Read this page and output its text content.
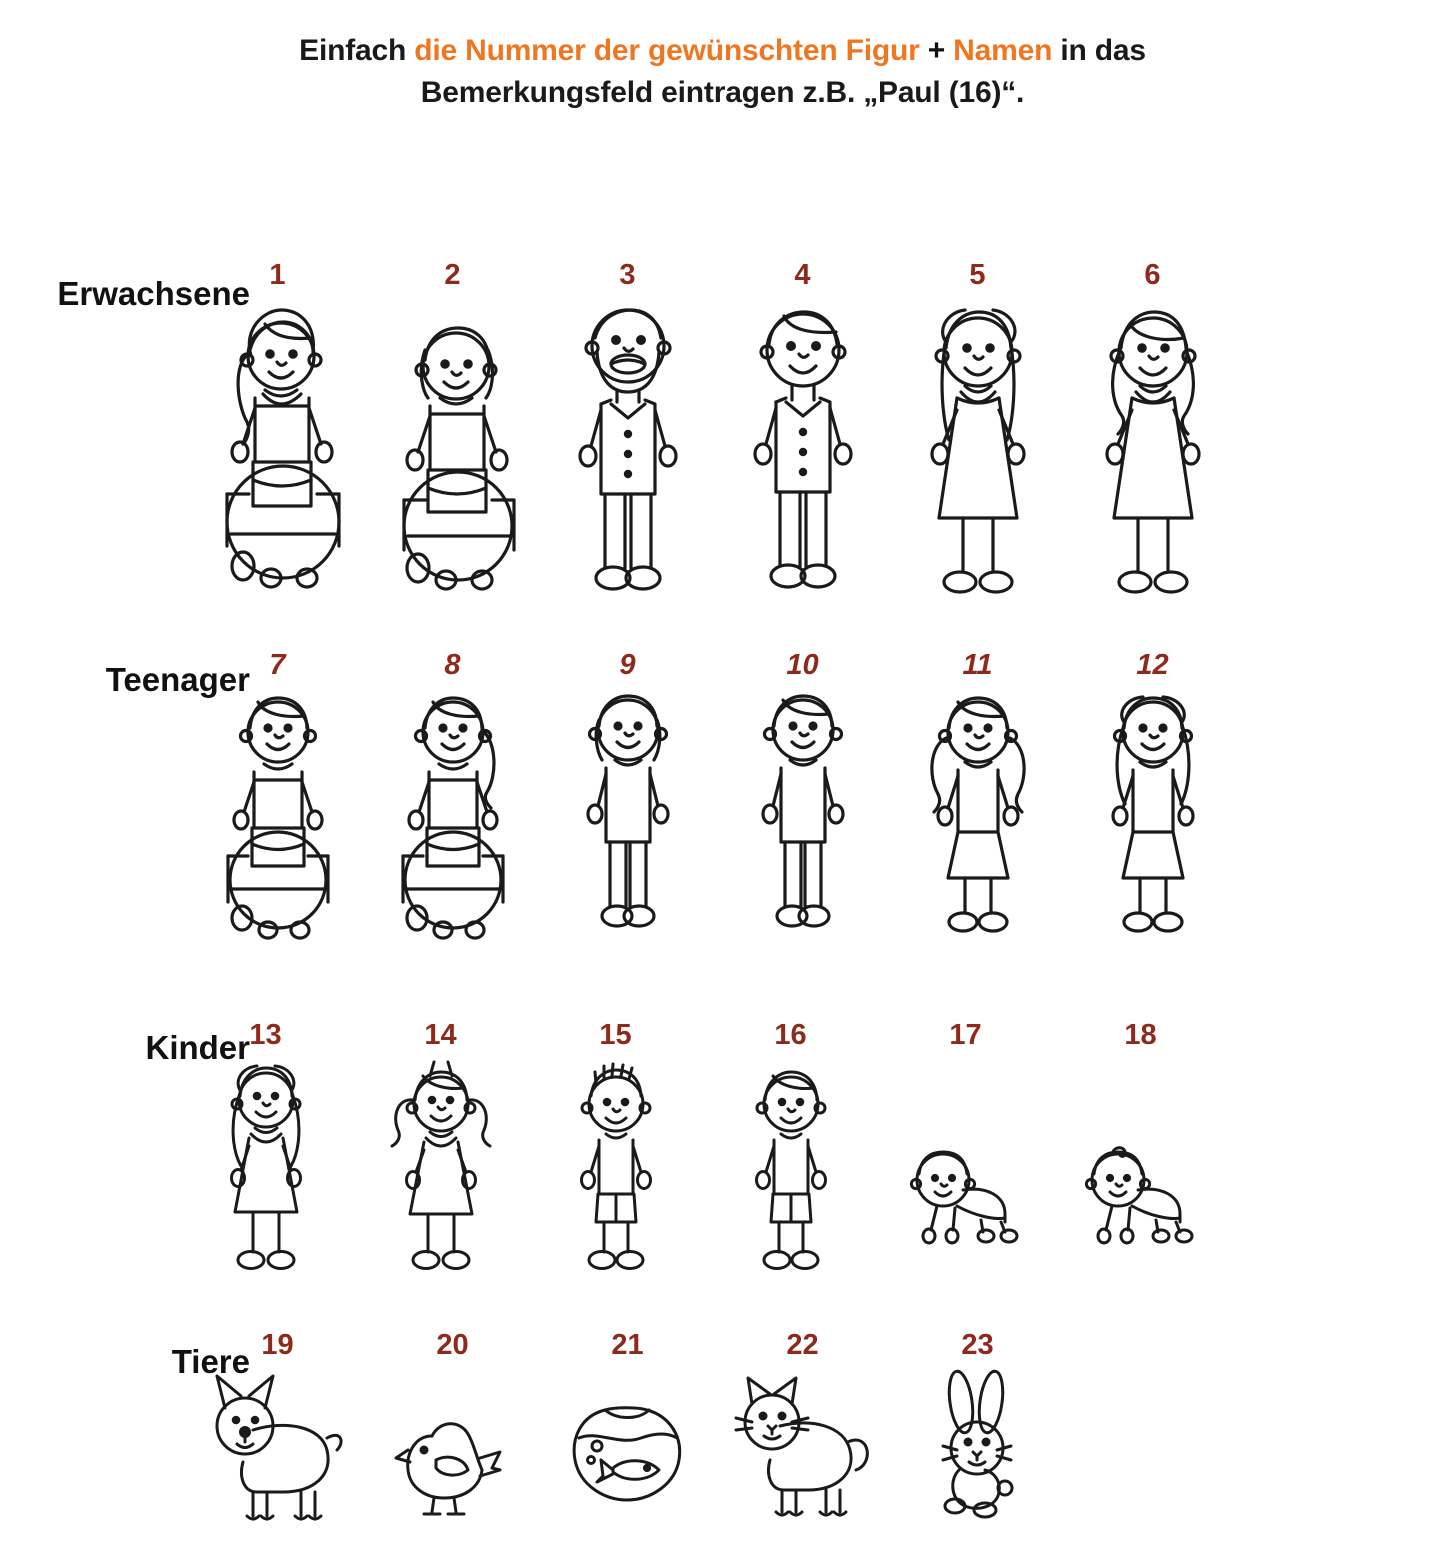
Einfach die Nummer der gewünschten Figur + Namen in das
Bemerkungsfeld eintragen z.B. „Paul (16)“.
Erwachsene 1	2	3	4	5	6
Teenager 7	8	9	10	11	12
Kinder 13	14	15	16	17	18
Tiere 19	20	21	22	23
